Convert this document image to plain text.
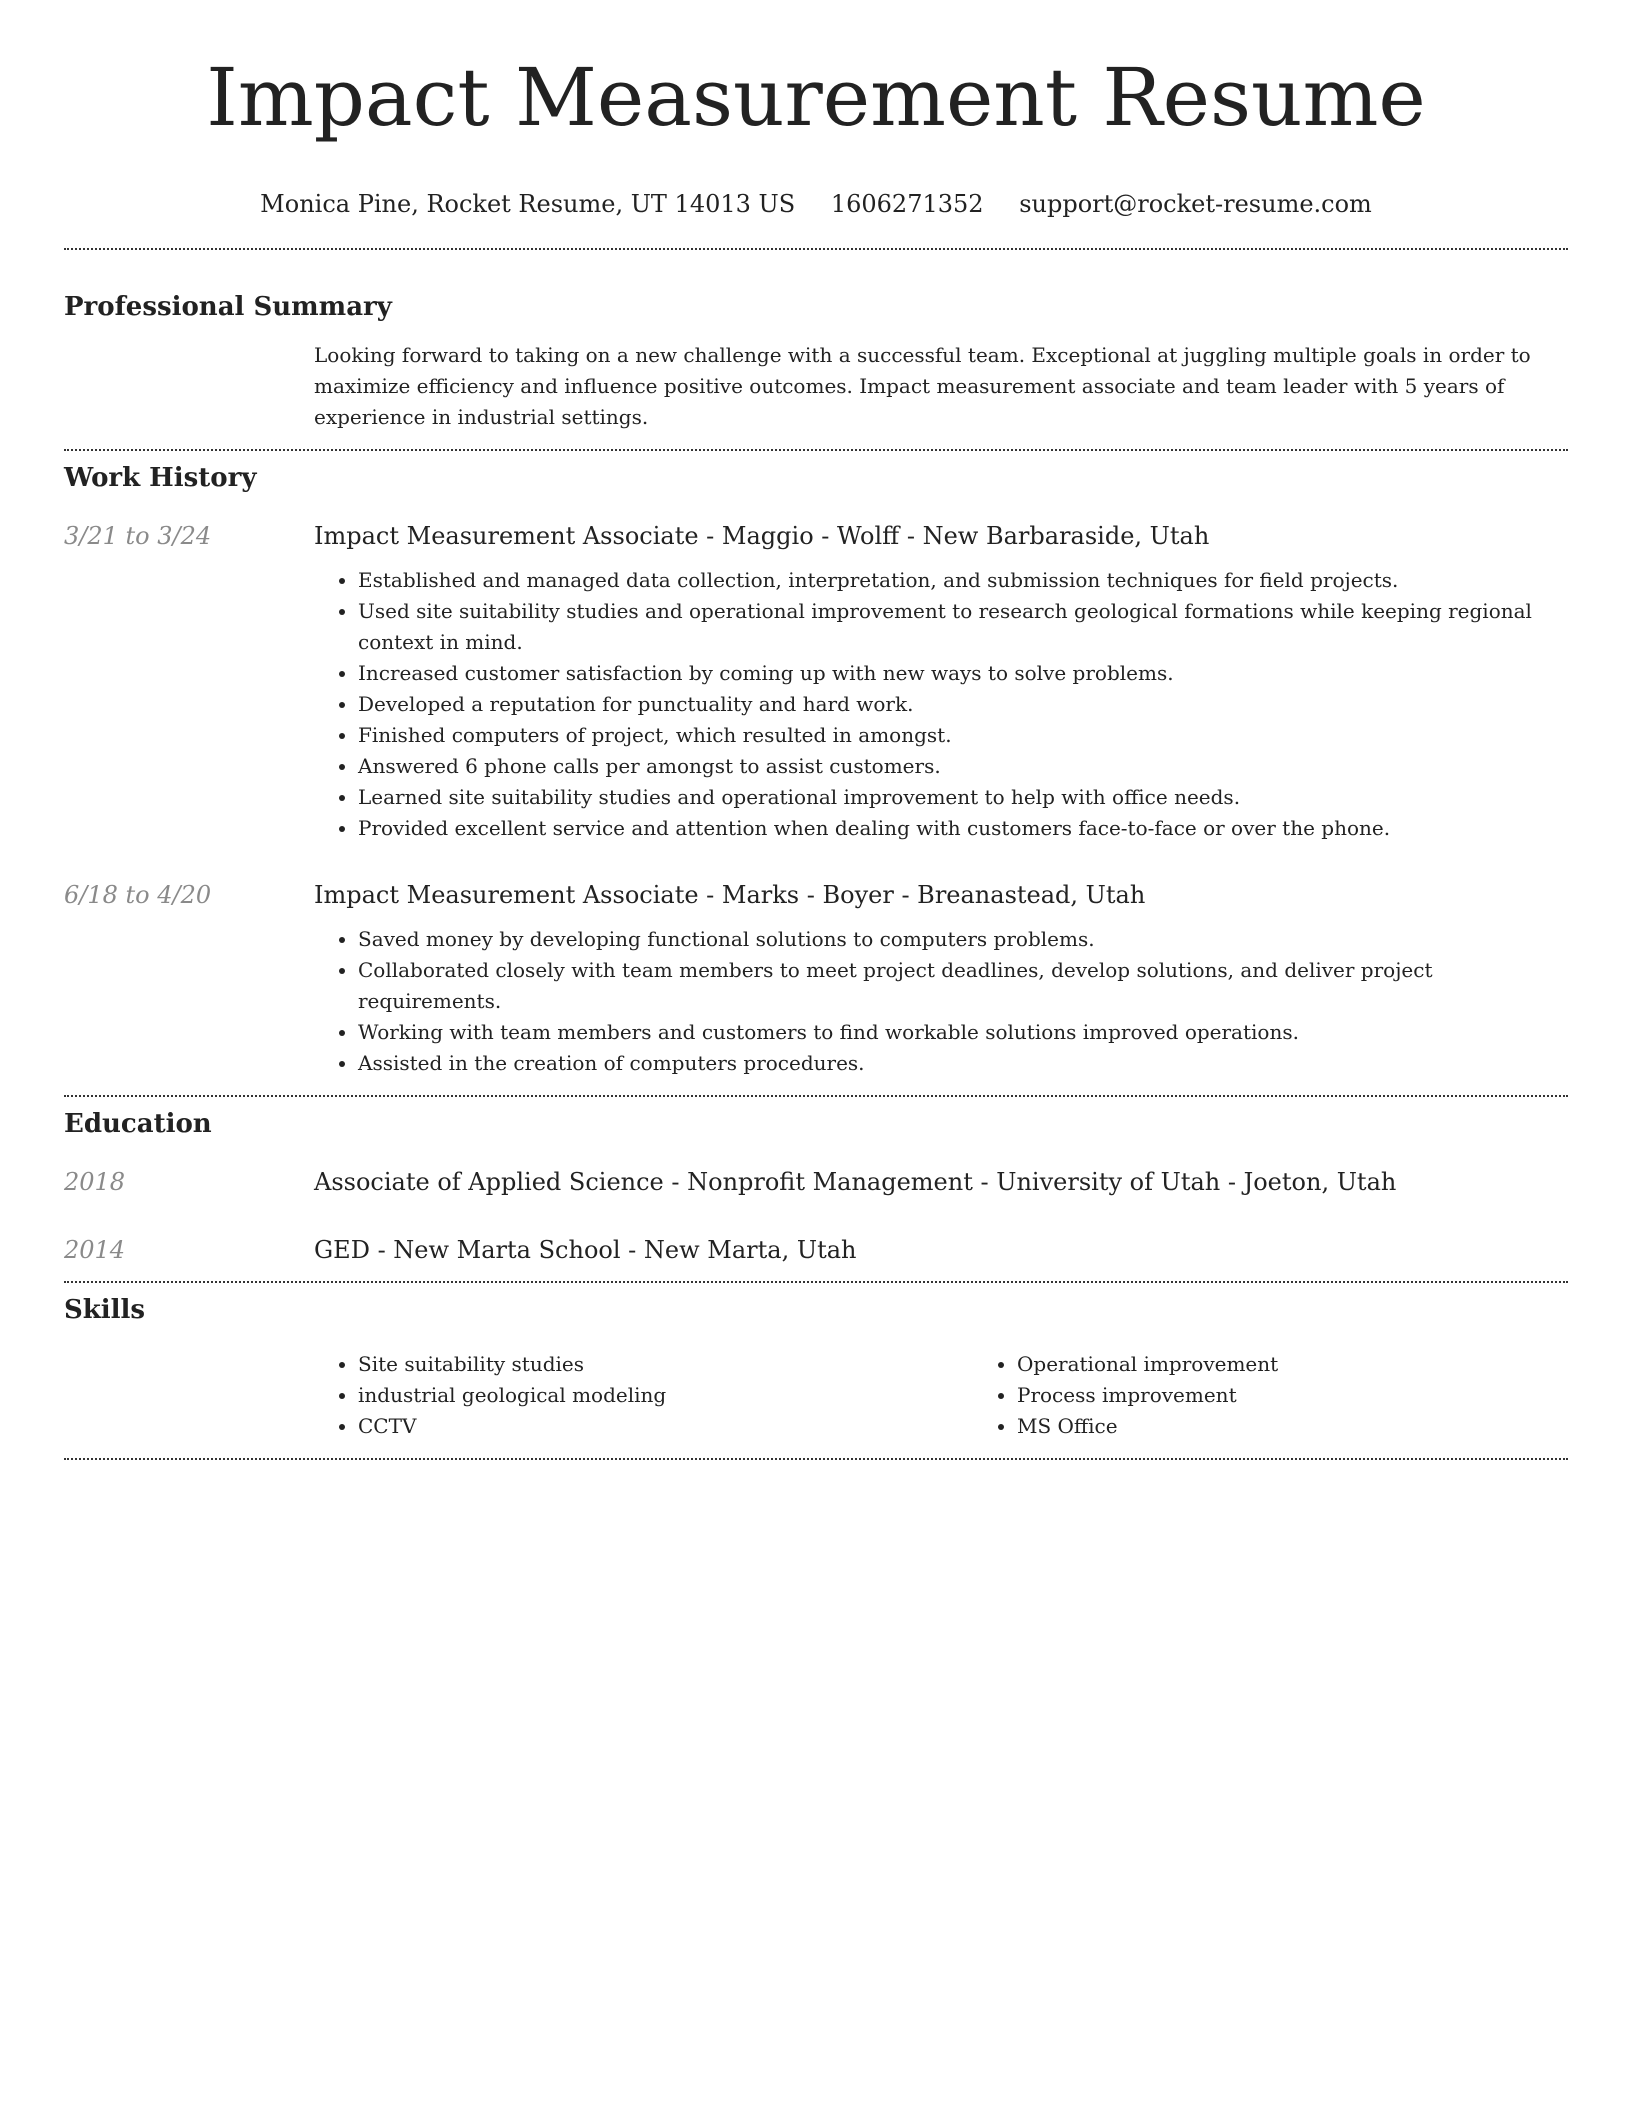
Impact Measurement Resume
Monica Pine, Rocket Resume, UT 14013 US 1606271352 support@rocket-resume.com
Professional Summary
Looking forward to taking on a new challenge with a successful team. Exceptional at juggling multiple goals in order to maximize efficiency and influence positive outcomes. Impact measurement associate and team leader with 5 years of experience in industrial settings.
Work History
3/21 to 3/24	Impact Measurement Associate - Maggio - Wolff - New Barbaraside, Utah
• Established and managed data collection, interpretation, and submission techniques for field projects.
• Used site suitability studies and operational improvement to research geological formations while keeping regional context in mind.
• Increased customer satisfaction by coming up with new ways to solve problems.
• Developed a reputation for punctuality and hard work.
• Finished computers of project, which resulted in amongst.
• Answered 6 phone calls per amongst to assist customers.
• Learned site suitability studies and operational improvement to help with office needs.
• Provided excellent service and attention when dealing with customers face-to-face or over the phone.
6/18 to 4/20	Impact Measurement Associate - Marks - Boyer - Breanastead, Utah
• Saved money by developing functional solutions to computers problems.
• Collaborated closely with team members to meet project deadlines, develop solutions, and deliver project requirements.
• Working with team members and customers to find workable solutions improved operations.
• Assisted in the creation of computers procedures.
Education
2018	Associate of Applied Science - Nonprofit Management - University of Utah - Joeton, Utah
2014	GED - New Marta School - New Marta, Utah
Skills
• Site suitability studies
• industrial geological modeling
• CCTV
• Operational improvement
• Process improvement
• MS Office
